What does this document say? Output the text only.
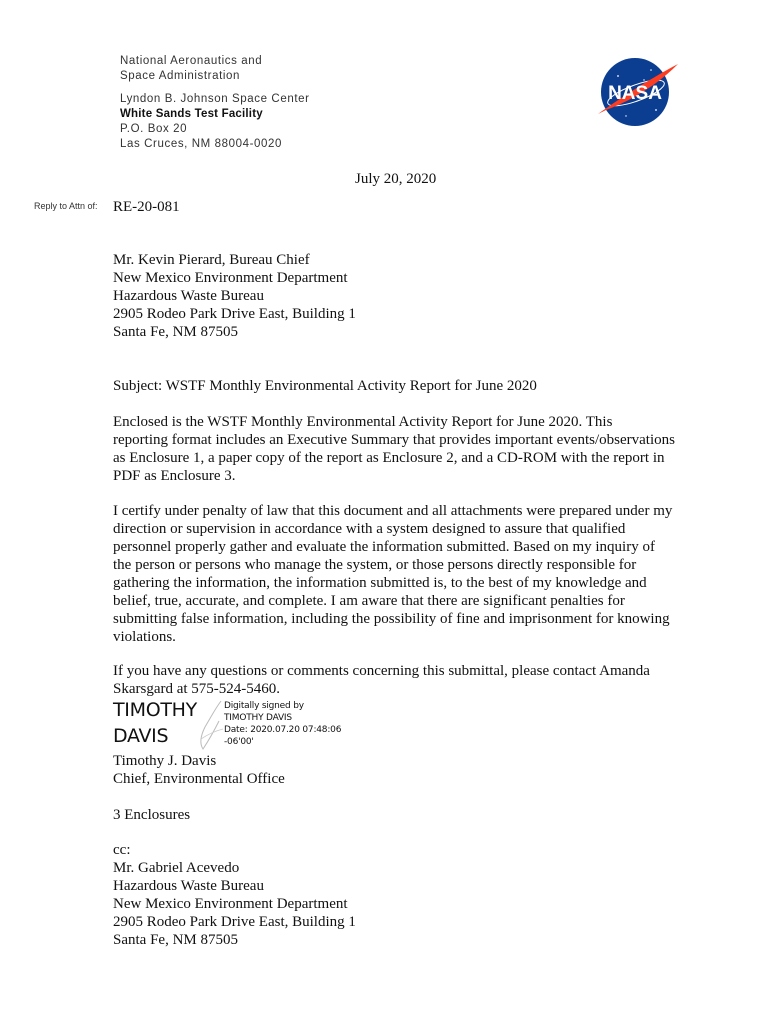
National Aeronautics and
Space Administration
Lyndon B. Johnson Space Center
White Sands Test Facility
P.O. Box 20
Las Cruces, NM 88004-0020
NASA
July 20, 2020
Reply to Attn of: RE-20-081
Mr. Kevin Pierard, Bureau Chief
New Mexico Environment Department
Hazardous Waste Bureau
2905 Rodeo Park Drive East, Building 1
Santa Fe, NM 87505
Subject: WSTF Monthly Environmental Activity Report for June 2020
Enclosed is the WSTF Monthly Environmental Activity Report for June 2020. This
reporting format includes an Executive Summary that provides important events/observations
as Enclosure 1, a paper copy of the report as Enclosure 2, and a CD-ROM with the report in
PDF as Enclosure 3.
I certify under penalty of law that this document and all attachments were prepared under my
direction or supervision in accordance with a system designed to assure that qualified
personnel properly gather and evaluate the information submitted. Based on my inquiry of
the person or persons who manage the system, or those persons directly responsible for
gathering the information, the information submitted is, to the best of my knowledge and
belief, true, accurate, and complete. I am aware that there are significant penalties for
submitting false information, including the possibility of fine and imprisonment for knowing
violations.
If you have any questions or comments concerning this submittal, please contact Amanda
Skarsgard at 575-524-5460.
TIMOTHY
DAVIS
Digitally signed by
TIMOTHY DAVIS
Date: 2020.07.20 07:48:06
-06'00'
Timothy J. Davis
Chief, Environmental Office
3 Enclosures
cc:
Mr. Gabriel Acevedo
Hazardous Waste Bureau
New Mexico Environment Department
2905 Rodeo Park Drive East, Building 1
Santa Fe, NM 87505
